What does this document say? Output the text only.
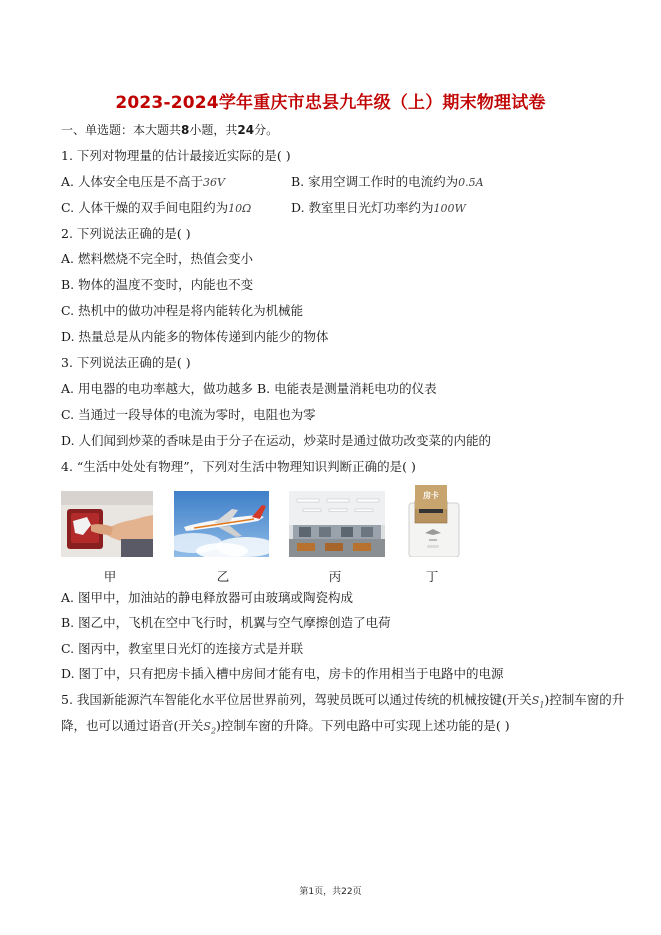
2023-2024学年重庆市忠县九年级（上）期末物理试卷
一、单选题：本大题共8小题，共24分。
1. 下列对物理量的估计最接近实际的是( )
A. 人体安全电压是不高于36V	B. 家用空调工作时的电流约为0.5A
C. 人体干燥的双手间电阻约为10Ω	D. 教室里日光灯功率约为100W
2. 下列说法正确的是( )
A. 燃料燃烧不完全时，热值会变小
B. 物体的温度不变时，内能也不变
C. 热机中的做功冲程是将内能转化为机械能
D. 热量总是从内能多的物体传递到内能少的物体
3. 下列说法正确的是( )
A. 用电器的电功率越大，做功越多 B. 电能表是测量消耗电功的仪表
C. 当通过一段导体的电流为零时，电阻也为零
D. 人们闻到炒菜的香味是由于分子在运动，炒菜时是通过做功改变菜的内能的
4. “生活中处处有物理”，下列对生活中物理知识判断正确的是( )
房卡
甲	乙	丙	丁
A. 图甲中，加油站的静电释放器可由玻璃或陶瓷构成
B. 图乙中，飞机在空中飞行时，机翼与空气摩擦创造了电荷
C. 图丙中，教室里日光灯的连接方式是并联
D. 图丁中，只有把房卡插入槽中房间才能有电，房卡的作用相当于电路中的电源
5. 我国新能源汽车智能化水平位居世界前列，驾驶员既可以通过传统的机械按键(开关$S_1$)控制车窗的升
降，也可以通过语音(开关$S_2$)控制车窗的升降。下列电路中可实现上述功能的是( )
第1页，共22页
